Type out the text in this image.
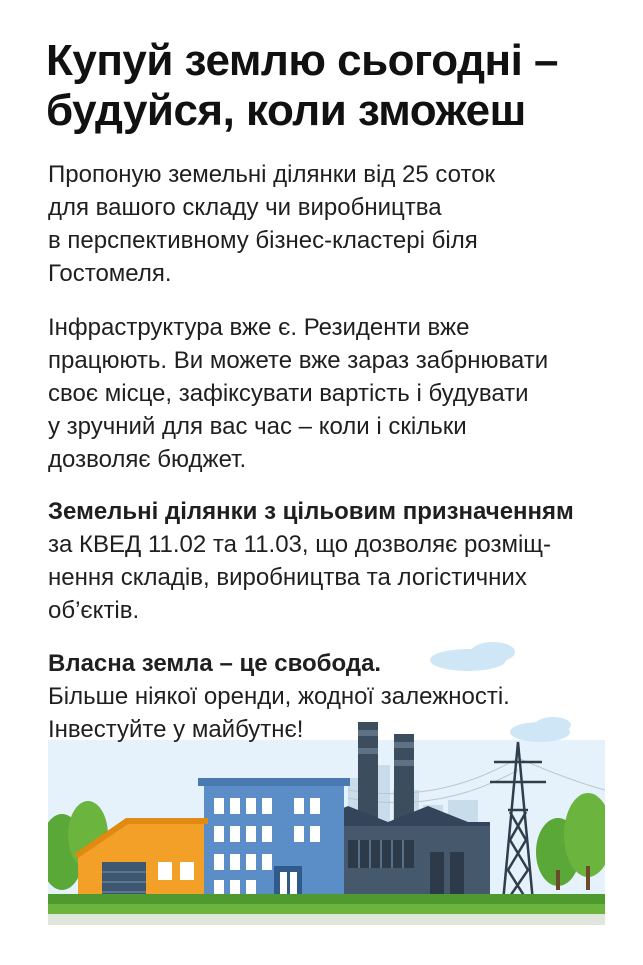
Купуй землю сьогодні –
будуйся, коли зможеш

Пропоную земельні ділянки від 25 соток
для вашого складу чи виробництва
в перспективному бізнес-кластері біля
Гостомеля.

Інфраструктура вже є. Резиденти вже
працюють. Ви можете вже зараз забрнювати
своє місце, зафіксувати вартість і будувати
у зручний для вас час – коли і скільки
дозволяє бюджет.

Земельні ділянки з цільовим призначенням
за КВЕД 11.02 та 11.03, що дозволяє розміщ-
нення складів, виробництва та логістичних
об’єктів.

Власна земла – це свобода.
Більше ніякої оренди, жодної залежності.
Інвестуйте у майбутнє!
